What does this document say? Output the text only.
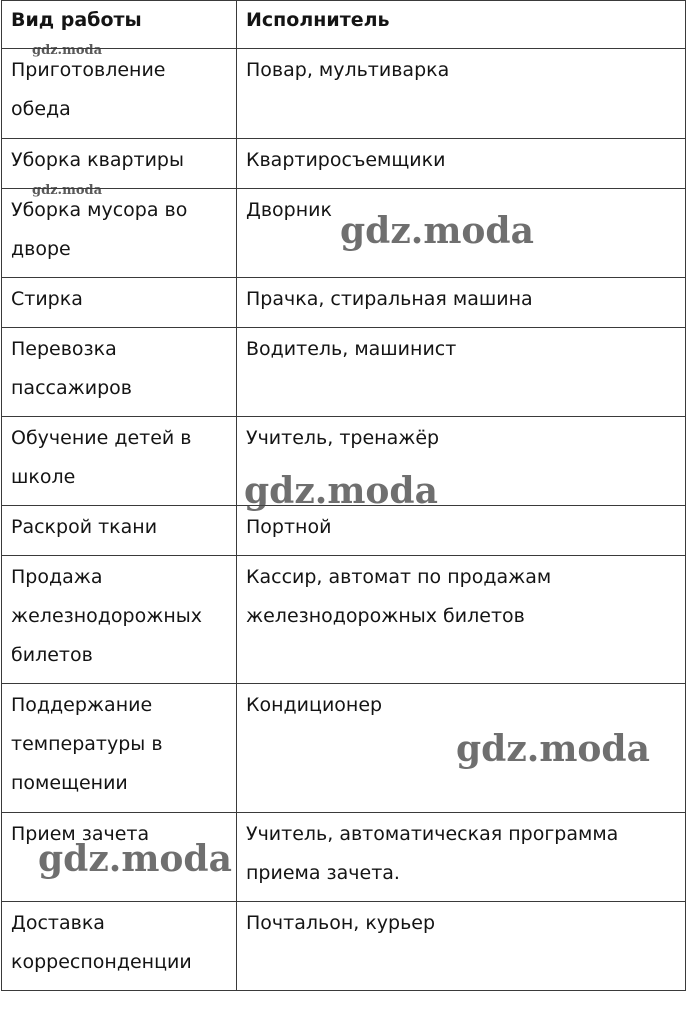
Вид работы	Исполнитель
Приготовление обеда	Повар, мультиварка
Уборка квартиры	Квартиросъемщики
Уборка мусора во дворе	Дворник
Стирка	Прачка, стиральная машина
Перевозка пассажиров	Водитель, машинист
Обучение детей в школе	Учитель, тренажёр
Раскрой ткани	Портной
Продажа железнодорожных билетов	Кассир, автомат по продажам железнодорожных билетов
Поддержание температуры в помещении	Кондиционер
Прием зачета	Учитель, автоматическая программа приема зачета.
Доставка корреспонденции	Почтальон, курьер
gdz.moda
gdz.moda
gdz.moda
gdz.moda
gdz.moda
gdz.moda
